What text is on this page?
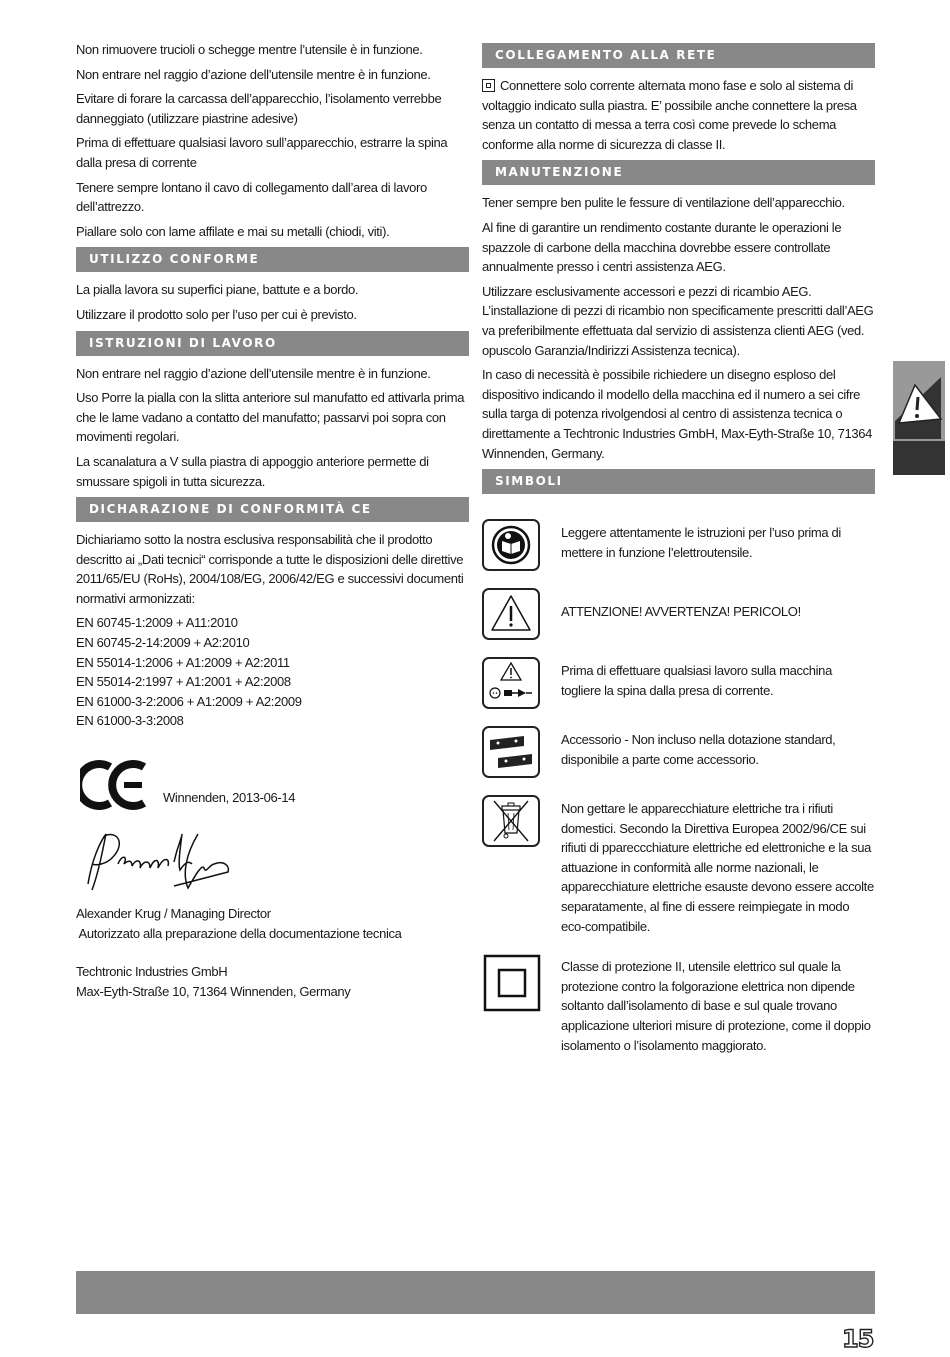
Non rimuovere trucioli o schegge mentre l’utensile è in funzione.

Non entrare nel raggio d’azione dell’utensile mentre è in funzione.

Evitare di forare la carcassa dell’apparecchio, l’isolamento verrebbe danneggiato (utilizzare piastrine adesive)

Prima di effettuare qualsiasi lavoro sull’apparecchio, estrarre la spina dalla presa di corrente

Tenere sempre lontano il cavo di collegamento dall’area di lavoro dell’attrezzo.

Piallare solo con lame affilate e mai su metalli (chiodi, viti).

UTILIZZO CONFORME

La pialla lavora su superfici piane, battute e a bordo.

Utilizzare il prodotto solo per l’uso per cui è previsto.

ISTRUZIONI DI LAVORO

Non entrare nel raggio d’azione dell’utensile mentre è in funzione.

Uso Porre la pialla con la slitta anteriore sul manufatto ed attivarla prima che le lame vadano a contatto del manufatto; passarvi poi sopra con movimenti regolari.

La scanalatura a V sulla piastra di appoggio anteriore permette di smussare spigoli in tutta sicurezza.

DICHARAZIONE DI CONFORMITÀ CE

Dichiariamo sotto la nostra esclusiva responsabilità che il prodotto descritto ai „Dati tecnici“ corrisponde a tutte le disposizioni delle direttive 2011/65/EU (RoHs), 2004/108/EG, 2006/42/EG e successivi documenti normativi armonizzati:

EN 60745-1:2009 + A11:2010

EN 60745-2-14:2009 + A2:2010

EN 55014-1:2006 + A1:2009 + A2:2011

EN 55014-2:1997 + A1:2001 + A2:2008

EN 61000-3-2:2006 + A1:2009 + A2:2009

EN 61000-3-3:2008

Winnenden, 2013-06-14

Alexander Krug / Managing Director

Autorizzato alla preparazione della documentazione tecnica

Techtronic Industries GmbH

Max-Eyth-Straße 10, 71364 Winnenden, Germany

COLLEGAMENTO ALLA RETE

Connettere solo corrente alternata mono fase e solo al sistema di voltaggio indicato sulla piastra. E’ possibile anche connettere la presa senza un contatto di messa a terra così come prevede lo schema conforme alla norme di sicurezza di classe II.

MANUTENZIONE

Tener sempre ben pulite le fessure di ventilazione dell’apparecchio.

Al fine di garantire un rendimento costante durante le operazioni le spazzole di carbone della macchina dovrebbe essere controllate annualmente presso i centri assistenza AEG.

Utilizzare esclusivamente accessori e pezzi di ricambio AEG. L’installazione di pezzi di ricambio non specificamente prescritti dall’AEG va preferibilmente effettuata dal servizio di assistenza clienti AEG (ved. opuscolo Garanzia/Indirizzi Assistenza tecnica).

In caso di necessità è possibile richiedere un disegno esploso del dispositivo indicando il modello della macchina ed il numero a sei cifre sulla targa di potenza rivolgendosi al centro di assistenza tecnica o direttamente a Techtronic Industries GmbH, Max-Eyth-Straße 10, 71364 Winnenden, Germany.

SIMBOLI
Leggere attentamente le istruzioni per l’uso prima di mettere in funzione l’elettroutensile.
ATTENZIONE! AVVERTENZA! PERICOLO!
Prima di effettuare qualsiasi lavoro sulla macchina togliere la spina dalla presa di corrente.
Accessorio - Non incluso nella dotazione standard, disponibile a parte come accessorio.
Non gettare le apparecchiature elettriche tra i rifiuti domestici. Secondo la Direttiva Europea 2002/96/CE sui rifiuti di ppareccchiature elettriche ed elettroniche e la sua attuazione in conformità alle norme nazionali, le apparecchiature elettriche esauste devono essere accolte separatamente, al fine di essere reimpiegate in modo eco-compatibile.
Classe di protezione II, utensile elettrico sul quale la protezione contro la folgorazione elettrica non dipende soltanto dall’isolamento di base e sul quale trovano applicazione ulteriori misure di protezione, come il doppio isolamento o l’isolamento maggiorato.
15
